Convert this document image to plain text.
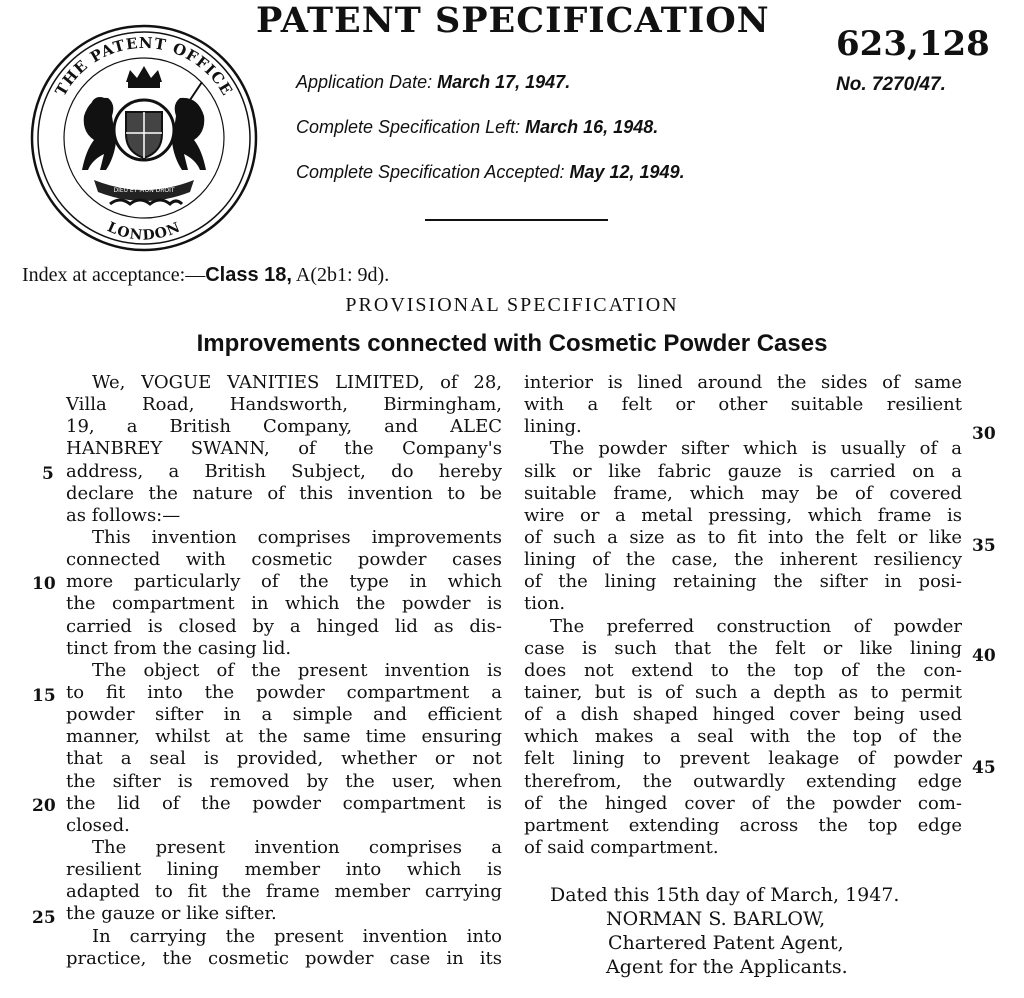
THE PATENT OFFICE
DIEU ET MON DROIT
LONDON
PATENT SPECIFICATION
623,128
No. 7270/47.
Application Date: March 17, 1947.
Complete Specification Left: March 16, 1948.
Complete Specification Accepted: May 12, 1949.
Index at acceptance:—Class 18, A(2b1: 9d).
PROVISIONAL SPECIFICATION
Improvements connected with Cosmetic Powder Cases
We, VOGUE VANITIES LIMITED, of 28,
Villa Road, Handsworth, Birmingham,
19, a British Company, and ALEC
HANBREY SWANN, of the Company's
address, a British Subject, do hereby
declare the nature of this invention to be
as follows:—
This invention comprises improvements
connected with cosmetic powder cases
more particularly of the type in which
the compartment in which the powder is
carried is closed by a hinged lid as dis-
tinct from the casing lid.
The object of the present invention is
to fit into the powder compartment a
powder sifter in a simple and efficient
manner, whilst at the same time ensuring
that a seal is provided, whether or not
the sifter is removed by the user, when
the lid of the powder compartment is
closed.
The present invention comprises a
resilient lining member into which is
adapted to fit the frame member carrying
the gauze or like sifter.
In carrying the present invention into
practice, the cosmetic powder case in its
5
10
15
20
25
interior is lined around the sides of same
with a felt or other suitable resilient
lining.
The powder sifter which is usually of a
silk or like fabric gauze is carried on a
suitable frame, which may be of covered
wire or a metal pressing, which frame is
of such a size as to fit into the felt or like
lining of the case, the inherent resiliency
of the lining retaining the sifter in posi-
tion.
The preferred construction of powder
case is such that the felt or like lining
does not extend to the top of the con-
tainer, but is of such a depth as to permit
of a dish shaped hinged cover being used
which makes a seal with the top of the
felt lining to prevent leakage of powder
therefrom, the outwardly extending edge
of the hinged cover of the powder com-
partment extending across the top edge
of said compartment.
30
35
40
45
Dated this 15th day of March, 1947.
NORMAN S. BARLOW,
Chartered Patent Agent,
Agent for the Applicants.
